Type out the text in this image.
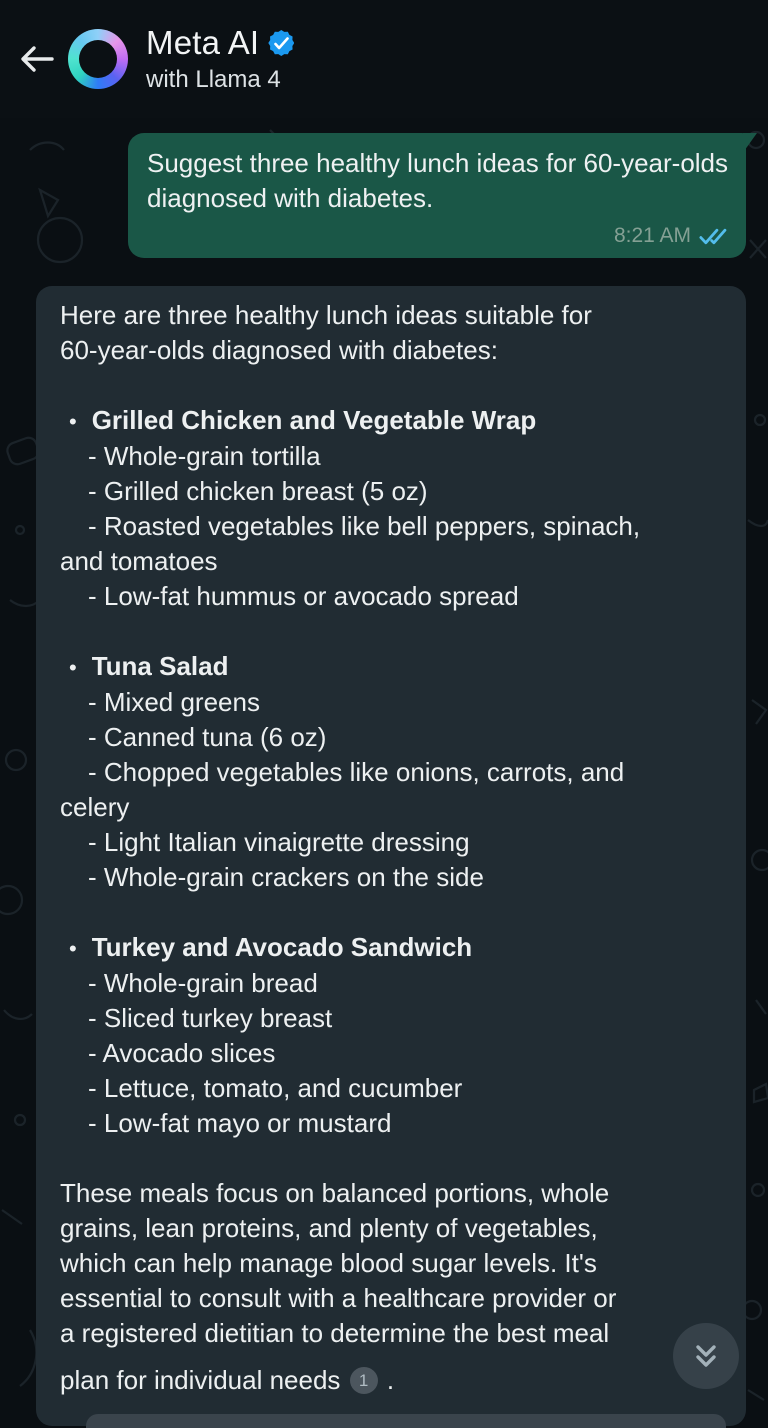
Meta AI
with Llama 4
Suggest three healthy lunch ideas for 60-year-olds diagnosed with diabetes.
8:21 AM
Here are three healthy lunch ideas suitable for
60-year-olds diagnosed with diabetes:
• Grilled Chicken and Vegetable Wrap
- Whole-grain tortilla
- Grilled chicken breast (5 oz)
- Roasted vegetables like bell peppers, spinach,
and tomatoes
- Low-fat hummus or avocado spread
• Tuna Salad
- Mixed greens
- Canned tuna (6 oz)
- Chopped vegetables like onions, carrots, and
celery
- Light Italian vinaigrette dressing
- Whole-grain crackers on the side
• Turkey and Avocado Sandwich
- Whole-grain bread
- Sliced turkey breast
- Avocado slices
- Lettuce, tomato, and cucumber
- Low-fat mayo or mustard
These meals focus on balanced portions, whole
grains, lean proteins, and plenty of vegetables,
which can help manage blood sugar levels. It's
essential to consult with a healthcare provider or
a registered dietitian to determine the best meal
plan for individual needs 1 .
